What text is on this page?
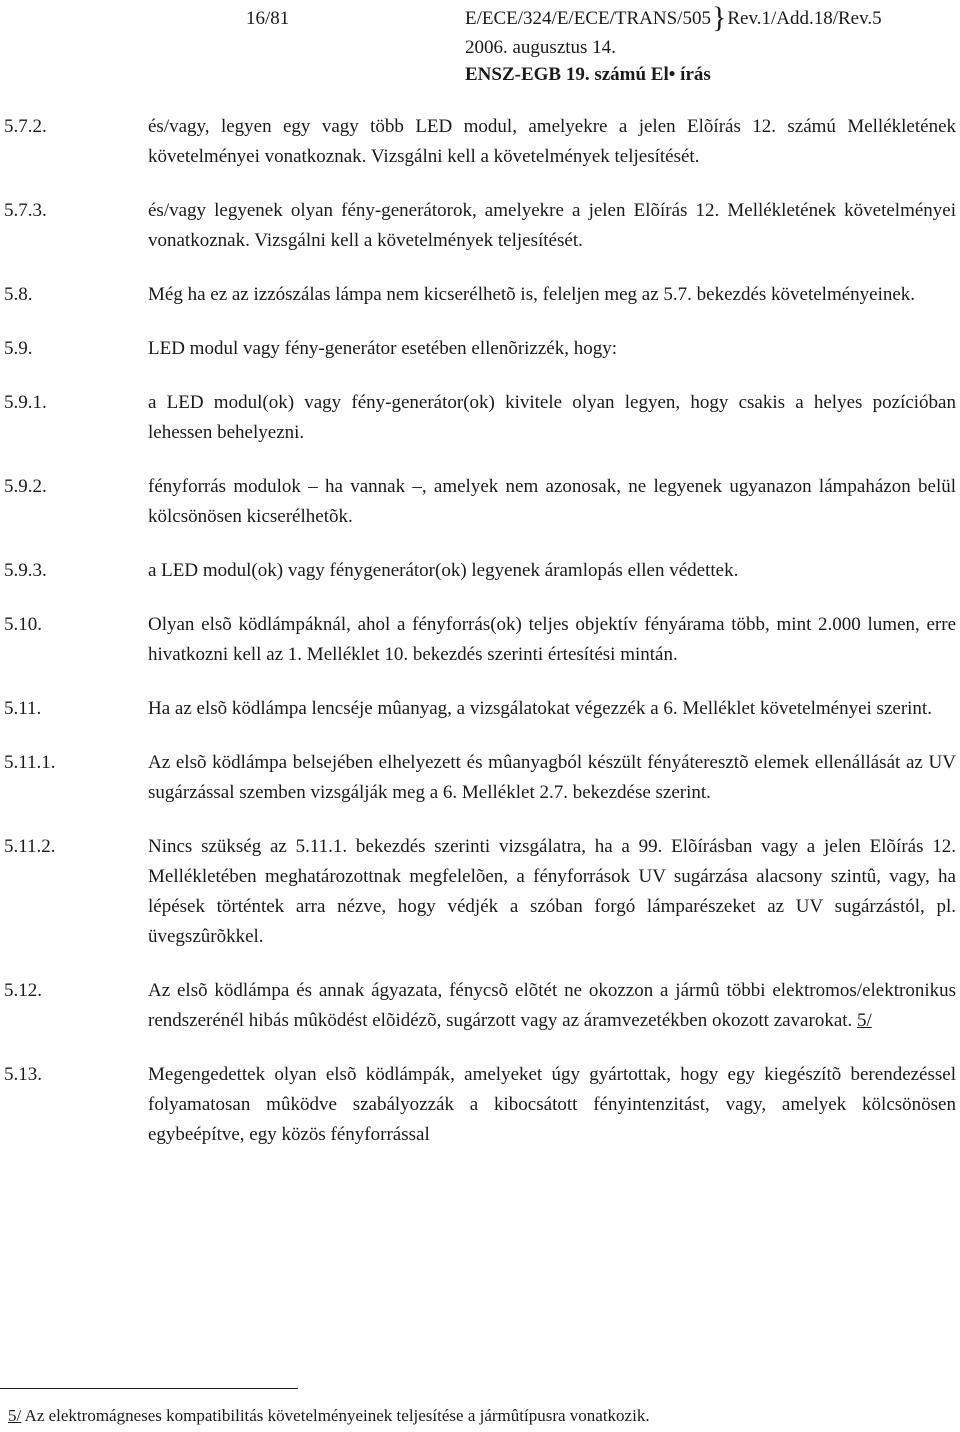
16/81	E/ECE/324/E/ECE/TRANS/505}Rev.1/Add.18/Rev.5
2006. augusztus 14.
ENSZ-EGB 19. számú El• írás
5.7.2.	és/vagy, legyen egy vagy több LED modul, amelyekre a jelen Elõírás 12. számú Mellékletének követelményei vonatkoznak. Vizsgálni kell a követelmények teljesítését.
5.7.3.	és/vagy legyenek olyan fény-generátorok, amelyekre a jelen Elõírás 12. Mellékletének követelményei vonatkoznak. Vizsgálni kell a követelmények teljesítését.
5.8.	Még ha ez az izzószálas lámpa nem kicserélhetõ is, feleljen meg az 5.7. bekezdés követelményeinek.
5.9.	LED modul vagy fény-generátor esetében ellenõrizzék, hogy:
5.9.1.	a LED modul(ok) vagy fény-generátor(ok) kivitele olyan legyen, hogy csakis a helyes pozícióban lehessen behelyezni.
5.9.2.	fényforrás modulok – ha vannak –, amelyek nem azonosak, ne legyenek ugyanazon lámpaházon belül kölcsönösen kicserélhetõk.
5.9.3.	a LED modul(ok) vagy fénygenerátor(ok) legyenek áramlopás ellen védettek.
5.10.	Olyan elsõ ködlámpáknál, ahol a fényforrás(ok) teljes objektív fényárama több, mint 2.000 lumen, erre hivatkozni kell az 1. Melléklet 10. bekezdés szerinti értesítési mintán.
5.11.	Ha az elsõ ködlámpa lencséje mûanyag, a vizsgálatokat végezzék a 6. Melléklet követelményei szerint.
5.11.1.	Az elsõ ködlámpa belsejében elhelyezett és mûanyagból készült fényáteresztõ elemek ellenállását az UV sugárzással szemben vizsgálják meg a 6. Melléklet 2.7. bekezdése szerint.
5.11.2.	Nincs szükség az 5.11.1. bekezdés szerinti vizsgálatra, ha a 99. Elõírásban vagy a jelen Elõírás 12. Mellékletében meghatározottnak megfelelõen, a fényforrások UV sugárzása alacsony szintû, vagy, ha lépések történtek arra nézve, hogy védjék a szóban forgó lámparészeket az UV sugárzástól, pl. üvegszûrõkkel.
5.12.	Az elsõ ködlámpa és annak ágyazata, fénycsõ elõtét ne okozzon a jármû többi elektromos/elektronikus rendszerénél hibás mûködést elõidézõ, sugárzott vagy az áramvezetékben okozott zavarokat. 5/
5.13.	Megengedettek olyan elsõ ködlámpák, amelyeket úgy gyártottak, hogy egy kiegészítõ berendezéssel folyamatosan mûködve szabályozzák a kibocsátott fényintenzitást, vagy, amelyek kölcsönösen egybeépítve, egy közös fényforrással
5/ Az elektromágneses kompatibilitás követelményeinek teljesítése a jármûtípusra vonatkozik.
